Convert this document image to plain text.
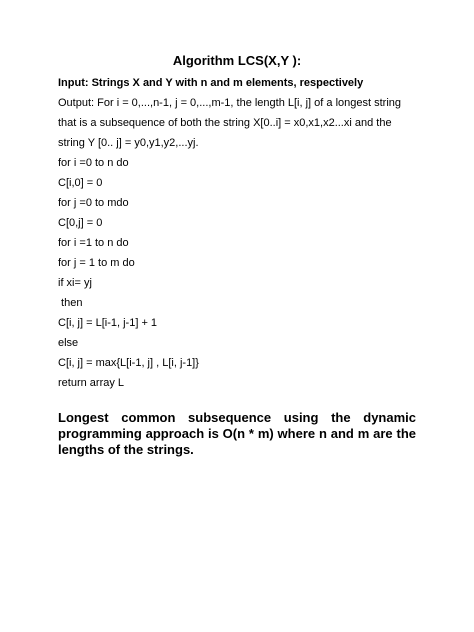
Algorithm LCS(X,Y ):
Input: Strings X and Y with n and m elements, respectively
Output: For i = 0,...,n-1, j = 0,...,m-1, the length L[i, j] of a longest string
that is a subsequence of both the string X[0..i] = x0,x1,x2...xi and the
string Y [0.. j] = y0,y1,y2,...yj.
for i =0 to n do
C[i,0] = 0
for j =0 to mdo
C[0,j] = 0
for i =1 to n do
for j = 1 to m do
if xi= yj
then
C[i, j] = L[i-1, j-1] + 1
else
C[i, j] = max{L[i-1, j] , L[i, j-1]}
return array L
Longest common subsequence using the dynamic
programming approach is O(n * m) where n and m are the
lengths of the strings.
